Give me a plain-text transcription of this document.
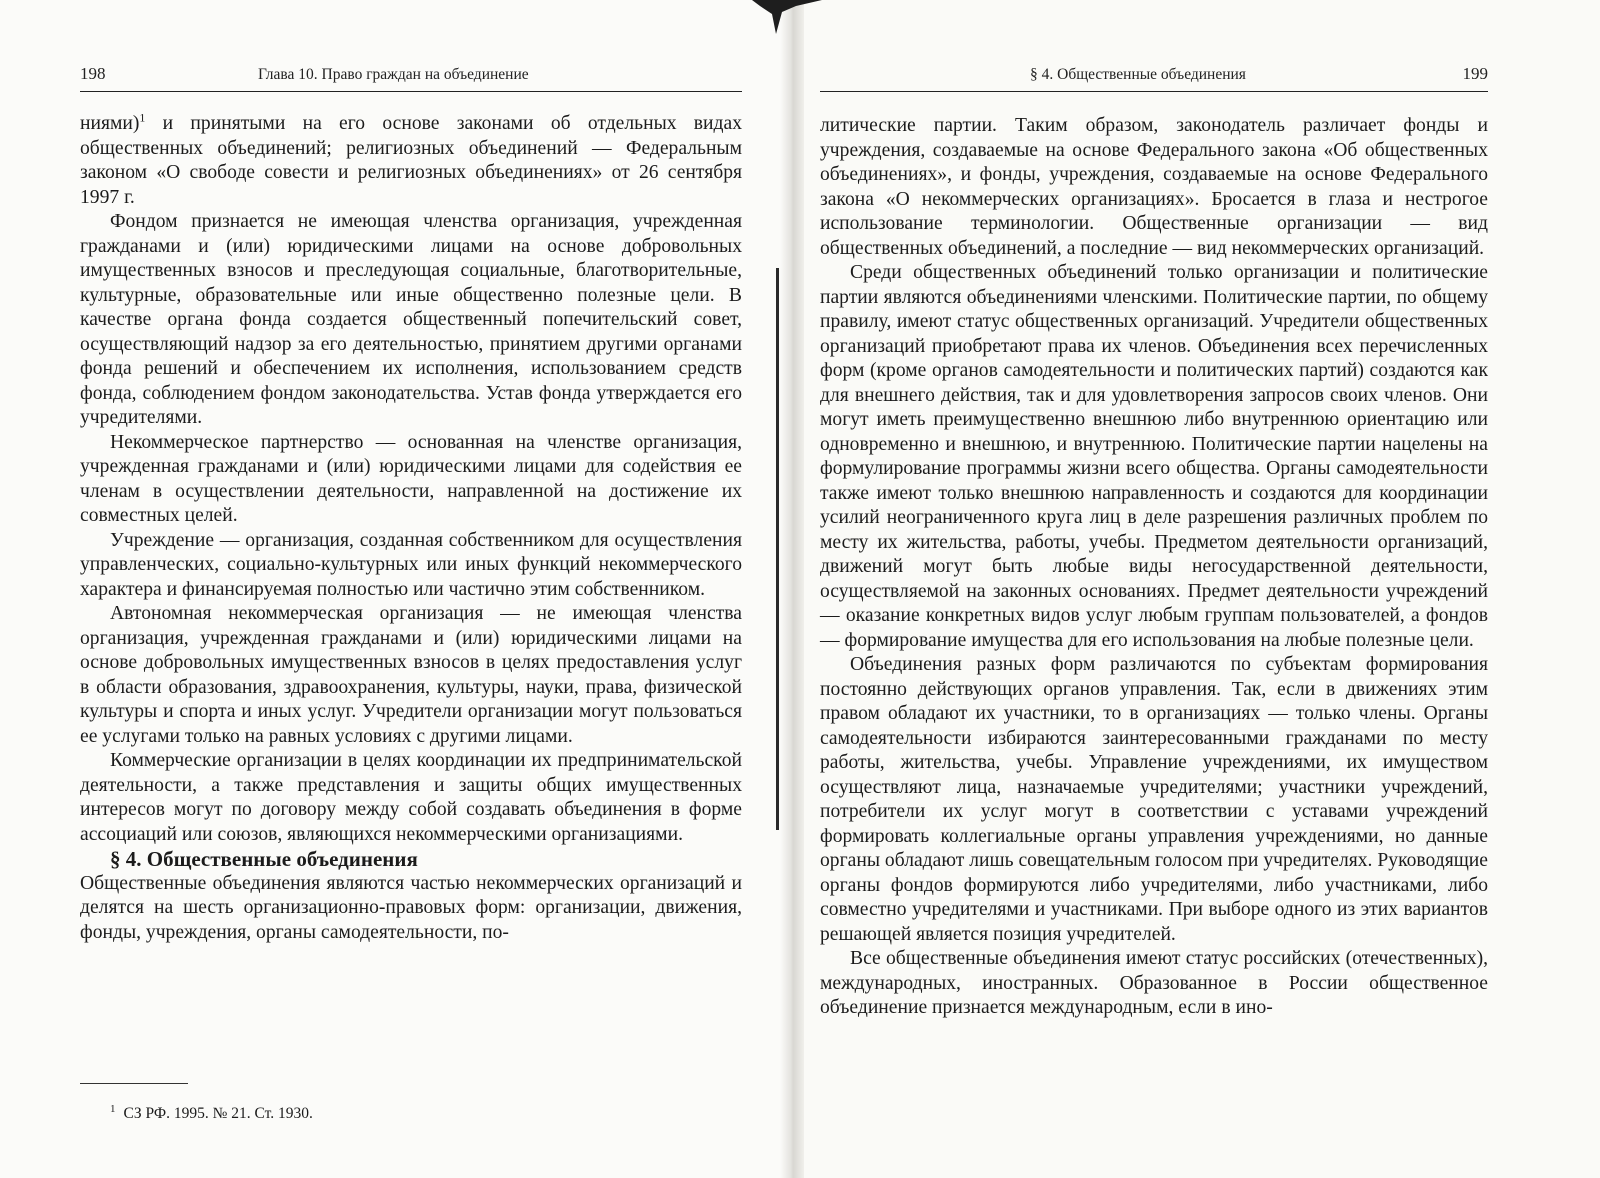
198	Глава 10. Право граждан на объединение

ниями)$^1$ и принятыми на его основе законами об отдельных видах общественных объединений; религиозных объединений — Федеральным законом «О свободе совести и религиозных объединениях» от 26 сентября 1997 г.

Фондом признается не имеющая членства организация, учрежденная гражданами и (или) юридическими лицами на основе добровольных имущественных взносов и преследующая социальные, благотворительные, культурные, образовательные или иные общественно полезные цели. В качестве органа фонда создается общественный попечительский совет, осуществляющий надзор за его деятельностью, принятием другими органами фонда решений и обеспечением их исполнения, использованием средств фонда, соблюдением фондом законодательства. Устав фонда утверждается его учредителями.

Некоммерческое партнерство — основанная на членстве организация, учрежденная гражданами и (или) юридическими лицами для содействия ее членам в осуществлении деятельности, направленной на достижение их совместных целей.

Учреждение — организация, созданная собственником для осуществления управленческих, социально-культурных или иных функций некоммерческого характера и финансируемая полностью или частично этим собственником.

Автономная некоммерческая организация — не имеющая членства организация, учрежденная гражданами и (или) юридическими лицами на основе добровольных имущественных взносов в целях предоставления услуг в области образования, здравоохранения, культуры, науки, права, физической культуры и спорта и иных услуг. Учредители организации могут пользоваться ее услугами только на равных условиях с другими лицами.

Коммерческие организации в целях координации их предпринимательской деятельности, а также представления и защиты общих имущественных интересов могут по договору между собой создавать объединения в форме ассоциаций или союзов, являющихся некоммерческими организациями.

§ 4. Общественные объединения

Общественные объединения являются частью некоммерческих организаций и делятся на шесть организационно-правовых форм: организации, движения, фонды, учреждения, органы самодеятельности, по-

$^1$ СЗ РФ. 1995. № 21. Ст. 1930.
§ 4. Общественные объединения	199

литические партии. Таким образом, законодатель различает фонды и учреждения, создаваемые на основе Федерального закона «Об общественных объединениях», и фонды, учреждения, создаваемые на основе Федерального закона «О некоммерческих организациях». Бросается в глаза и нестрогое использование терминологии. Общественные организации — вид общественных объединений, а последние — вид некоммерческих организаций.

Среди общественных объединений только организации и политические партии являются объединениями членскими. Политические партии, по общему правилу, имеют статус общественных организаций. Учредители общественных организаций приобретают права их членов. Объединения всех перечисленных форм (кроме органов самодеятельности и политических партий) создаются как для внешнего действия, так и для удовлетворения запросов своих членов. Они могут иметь преимущественно внешнюю либо внутреннюю ориентацию или одновременно и внешнюю, и внутреннюю. Политические партии нацелены на формулирование программы жизни всего общества. Органы самодеятельности также имеют только внешнюю направленность и создаются для координации усилий неограниченного круга лиц в деле разрешения различных проблем по месту их жительства, работы, учебы. Предметом деятельности организаций, движений могут быть любые виды негосударственной деятельности, осуществляемой на законных основаниях. Предмет деятельности учреждений — оказание конкретных видов услуг любым группам пользователей, а фондов — формирование имущества для его использования на любые полезные цели.

Объединения разных форм различаются по субъектам формирования постоянно действующих органов управления. Так, если в движениях этим правом обладают их участники, то в организациях — только члены. Органы самодеятельности избираются заинтересованными гражданами по месту работы, жительства, учебы. Управление учреждениями, их имуществом осуществляют лица, назначаемые учредителями; участники учреждений, потребители их услуг могут в соответствии с уставами учреждений формировать коллегиальные органы управления учреждениями, но данные органы обладают лишь совещательным голосом при учредителях. Руководящие органы фондов формируются либо учредителями, либо участниками, либо совместно учредителями и участниками. При выборе одного из этих вариантов решающей является позиция учредителей.

Все общественные объединения имеют статус российских (отечественных), международных, иностранных. Образованное в России общественное объединение признается международным, если в ино-
